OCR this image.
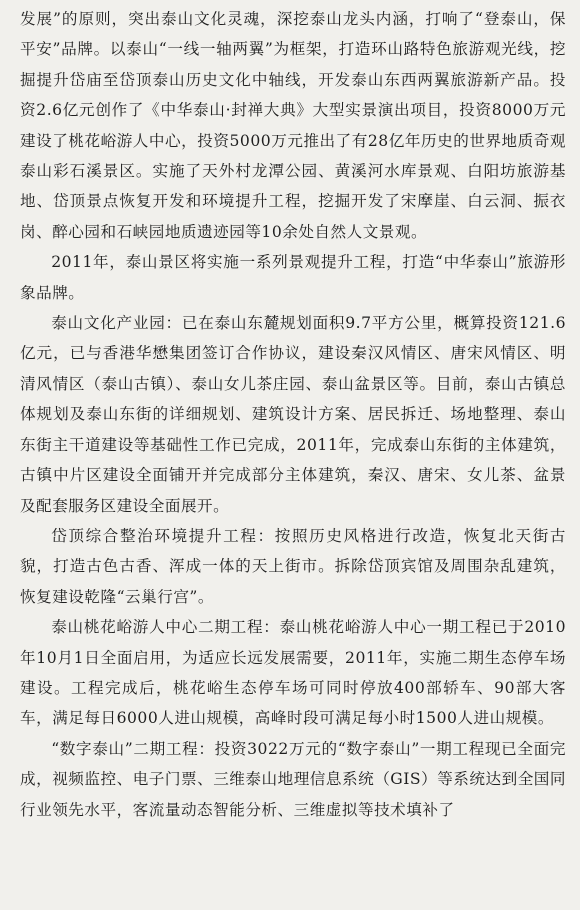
发展”的原则，突出泰山文化灵魂，深挖泰山龙头内涵，打响了“登泰山，保平安”品牌。以泰山“一线一轴两翼”为框架，打造环山路特色旅游观光线，挖掘提升岱庙至岱顶泰山历史文化中轴线，开发泰山东西两翼旅游新产品。投资2.6亿元创作了《中华泰山·封禅大典》大型实景演出项目，投资8000万元建设了桃花峪游人中心，投资5000万元推出了有28亿年历史的世界地质奇观泰山彩石溪景区。实施了天外村龙潭公园、黄溪河水库景观、白阳坊旅游基地、岱顶景点恢复开发和环境提升工程，挖掘开发了宋摩崖、白云洞、振衣岗、醉心园和石峡园地质遗迹园等10余处自然人文景观。

2011年，泰山景区将实施一系列景观提升工程，打造“中华泰山”旅游形象品牌。

泰山文化产业园：已在泰山东麓规划面积9.7平方公里，概算投资121.6亿元，已与香港华懋集团签订合作协议，建设秦汉风情区、唐宋风情区、明清风情区（泰山古镇）、泰山女儿茶庄园、泰山盆景区等。目前，泰山古镇总体规划及泰山东街的详细规划、建筑设计方案、居民拆迁、场地整理、泰山东街主干道建设等基础性工作已完成，2011年，完成泰山东街的主体建筑，古镇中片区建设全面铺开并完成部分主体建筑，秦汉、唐宋、女儿茶、盆景及配套服务区建设全面展开。

岱顶综合整治环境提升工程：按照历史风格进行改造，恢复北天街古貌，打造古色古香、浑成一体的天上街市。拆除岱顶宾馆及周围杂乱建筑，恢复建设乾隆“云巢行宫”。

泰山桃花峪游人中心二期工程：泰山桃花峪游人中心一期工程已于2010年10月1日全面启用，为适应长远发展需要，2011年，实施二期生态停车场建设。工程完成后，桃花峪生态停车场可同时停放400部轿车、90部大客车，满足每日6000人进山规模，高峰时段可满足每小时1500人进山规模。

“数字泰山”二期工程：投资3022万元的“数字泰山”一期工程现已全面完成，视频监控、电子门票、三维泰山地理信息系统（GIS）等系统达到全国同行业领先水平，客流量动态智能分析、三维虚拟等技术填补了
